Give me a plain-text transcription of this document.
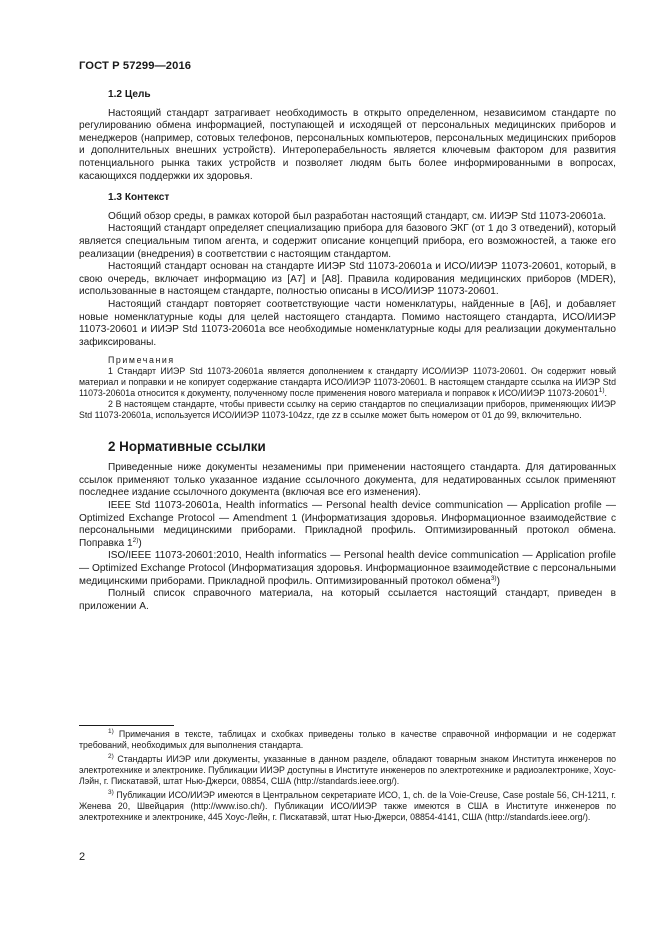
ГОСТ Р 57299—2016
1.2 Цель

Настоящий стандарт затрагивает необходимость в открыто определенном, независимом стандарте по регулированию обмена информацией, поступающей и исходящей от персональных медицинских приборов и менеджеров (например, сотовых телефонов, персональных компьютеров, персональных медицинских приборов и дополнительных внешних устройств). Интероперабельность является ключевым фактором для развития потенциального рынка таких устройств и позволяет людям быть более информированными в вопросах, касающихся поддержки их здоровья.

1.3 Контекст

Общий обзор среды, в рамках которой был разработан настоящий стандарт, см. ИИЭР Std 11073-20601a.

Настоящий стандарт определяет специализацию прибора для базового ЭКГ (от 1 до 3 отведений), который является специальным типом агента, и содержит описание концепций прибора, его возможностей, а также его реализации (внедрения) в соответствии с настоящим стандартом.

Настоящий стандарт основан на стандарте ИИЭР Std 11073-20601a и ИСО/ИИЭР 11073-20601, который, в свою очередь, включает информацию из [A7] и [A8]. Правила кодирования медицинских приборов (MDER), использованные в настоящем стандарте, полностью описаны в ИСО/ИИЭР 11073-20601.

Настоящий стандарт повторяет соответствующие части номенклатуры, найденные в [A6], и добавляет новые номенклатурные коды для целей настоящего стандарта. Помимо настоящего стандарта, ИСО/ИИЭР 11073-20601 и ИИЭР Std 11073-20601a все необходимые номенклатурные коды для реализации документально зафиксированы.

Примечания

1 Стандарт ИИЭР Std 11073-20601a является дополнением к стандарту ИСО/ИИЭР 11073-20601. Он содержит новый материал и поправки и не копирует содержание стандарта ИСО/ИИЭР 11073-20601. В настоящем стандарте ссылка на ИИЭР Std 11073-20601a относится к документу, полученному после применения нового материала и поправок к ИСО/ИИЭР 11073-20601$^{1)}$.

2 В настоящем стандарте, чтобы привести ссылку на серию стандартов по специализации приборов, применяющих ИИЭР Std 11073-20601a, используется ИСО/ИИЭР 11073-104zz, где zz в ссылке может быть номером от 01 до 99, включительно.

2 Нормативные ссылки

Приведенные ниже документы незаменимы при применении настоящего стандарта. Для датированных ссылок применяют только указанное издание ссылочного документа, для недатированных ссылок применяют последнее издание ссылочного документа (включая все его изменения).

IEEE Std 11073-20601a, Health informatics — Personal health device communication — Application profile — Optimized Exchange Protocol — Amendment 1 (Информатизация здоровья. Информационное взаимодействие с персональными медицинскими приборами. Прикладной профиль. Оптимизированный протокол обмена. Поправка 1$^{2)}$)

ISO/IEEE 11073-20601:2010, Health informatics — Personal health device communication — Application profile — Optimized Exchange Protocol (Информатизация здоровья. Информационное взаимодействие с персональными медицинскими приборами. Прикладной профиль. Оптимизированный протокол обмена$^{3)}$)

Полный список справочного материала, на который ссылается настоящий стандарт, приведен в приложении А.

$^{1)}$ Примечания в тексте, таблицах и схобках приведены только в качестве справочной информации и не содержат требований, необходимых для выполнения стандарта.

$^{2)}$ Стандарты ИИЭР или документы, указанные в данном разделе, обладают товарным знаком Института инженеров по электротехнике и электронике. Публикации ИИЭР доступны в Институте инженеров по электротехнике и радиоэлектронике, Хоус-Лэйн, г. Пискатавэй, штат Нью-Джерси, 08854, США (http://standards.ieee.org/).

$^{3)}$ Публикации ИСО/ИИЭР имеются в Центральном секретариате ИСО, 1, ch. de la Voie-Creuse, Case postale 56, CH-1211, г. Женева 20, Швейцария (http://www.iso.ch/). Публикации ИСО/ИИЭР также имеются в США в Институте инженеров по электротехнике и электронике, 445 Хоус-Лейн, г. Пискатавэй, штат Нью-Джерси, 08854-4141, США (http://standards.ieee.org/).

2
